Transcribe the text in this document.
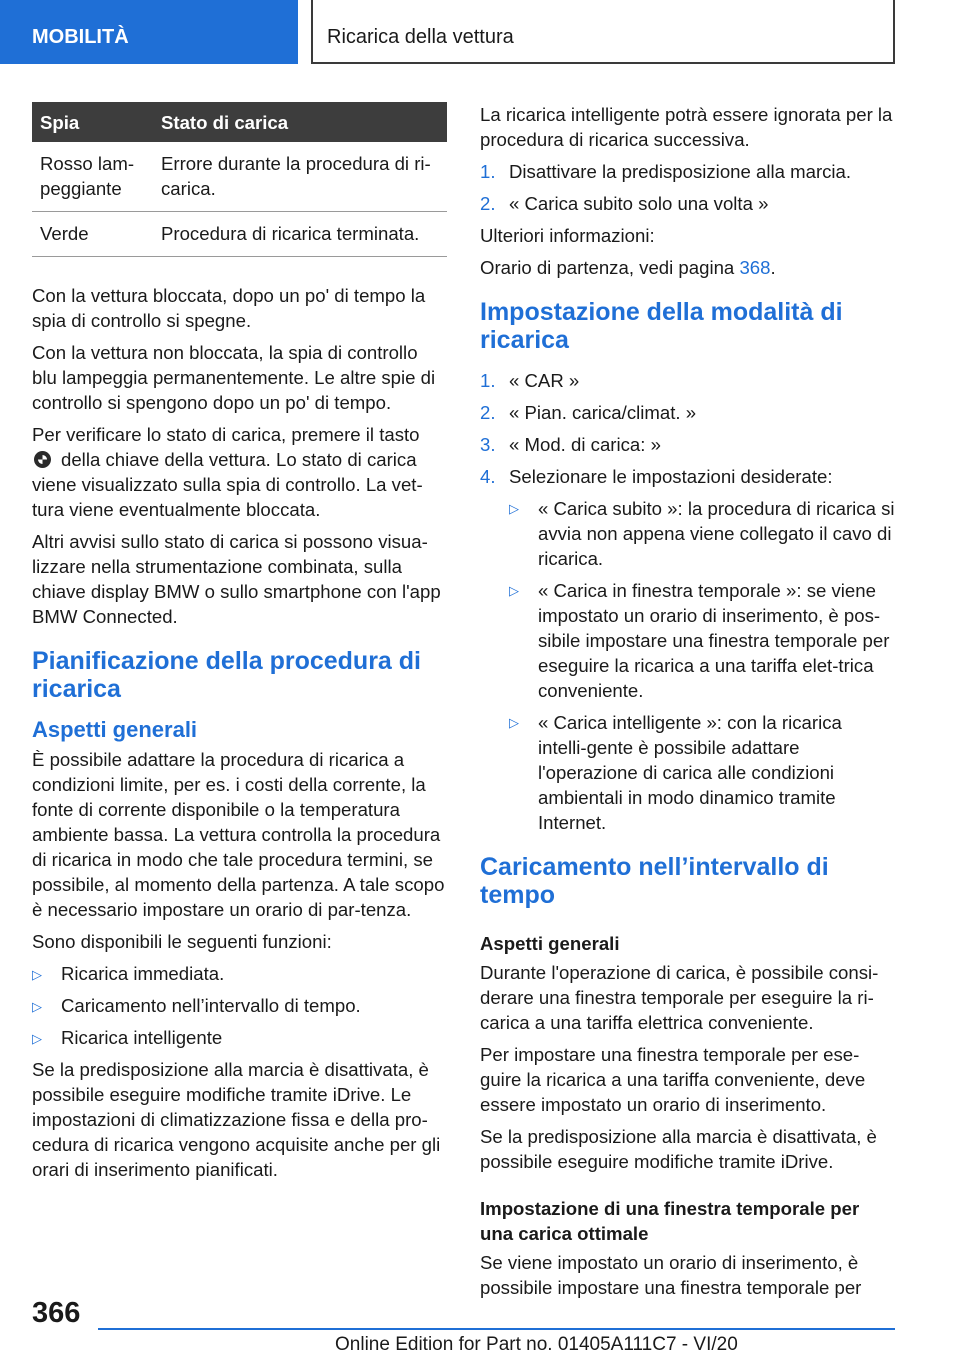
MOBILITÀ	Ricarica della vettura
Spia	Stato di carica
Rosso lam-peggiante	Errore durante la procedura di ri-carica.
Verde	Procedura di ricarica terminata.

Con la vettura bloccata, dopo un po' di tempo la spia di controllo si spegne.

Con la vettura non bloccata, la spia di controllo blu lampeggia permanentemente. Le altre spie di controllo si spengono dopo un po' di tempo.

Per verificare lo stato di carica, premere il tasto
della chiave della vettura. Lo stato di carica viene visualizzato sulla spia di controllo. La vet-tura viene eventualmente bloccata.

Altri avvisi sullo stato di carica si possono visua-lizzare nella strumentazione combinata, sulla chiave display BMW o sullo smartphone con l'app BMW Connected.

Pianificazione della procedura di ricarica
Aspetti generali

È possibile adattare la procedura di ricarica a condizioni limite, per es. i costi della corrente, la fonte di corrente disponibile o la temperatura ambiente bassa. La vettura controlla la procedura di ricarica in modo che tale procedura termini, se possibile, al momento della partenza. A tale scopo è necessario impostare un orario di par-tenza.

Sono disponibili le seguenti funzioni:

▷ Ricarica immediata.
▷ Caricamento nell’intervallo di tempo.
▷ Ricarica intelligente

Se la predisposizione alla marcia è disattivata, è possibile eseguire modifiche tramite iDrive. Le impostazioni di climatizzazione fissa e della pro-cedura di ricarica vengono acquisite anche per gli orari di inserimento pianificati.

La ricarica intelligente potrà essere ignorata per la procedura di ricarica successiva.

1. Disattivare la predisposizione alla marcia.
2. « Carica subito solo una volta »

Ulteriori informazioni:

Orario di partenza, vedi pagina 368.

Impostazione della modalità di ricarica
1. « CAR »
2. « Pian. carica/climat. »
3. « Mod. di carica: »
4. Selezionare le impostazioni desiderate:
▷ « Carica subito »: la procedura di ricarica si avvia non appena viene collegato il cavo di ricarica.
▷ « Carica in finestra temporale »: se viene impostato un orario di inserimento, è pos-sibile impostare una finestra temporale per eseguire la ricarica a una tariffa elet-trica conveniente.
▷ « Carica intelligente »: con la ricarica intelli-gente è possibile adattare l'operazione di carica alle condizioni ambientali in modo dinamico tramite Internet.
Caricamento nell’intervallo di tempo
Aspetti generali

Durante l'operazione di carica, è possibile consi-derare una finestra temporale per eseguire la ri-carica a una tariffa elettrica conveniente.

Per impostare una finestra temporale per ese-guire la ricarica a una tariffa conveniente, deve essere impostato un orario di inserimento.

Se la predisposizione alla marcia è disattivata, è possibile eseguire modifiche tramite iDrive.

Impostazione di una finestra temporale per una carica ottimale

Se viene impostato un orario di inserimento, è possibile impostare una finestra temporale per

366
Online Edition for Part no. 01405A111C7 - VI/20
